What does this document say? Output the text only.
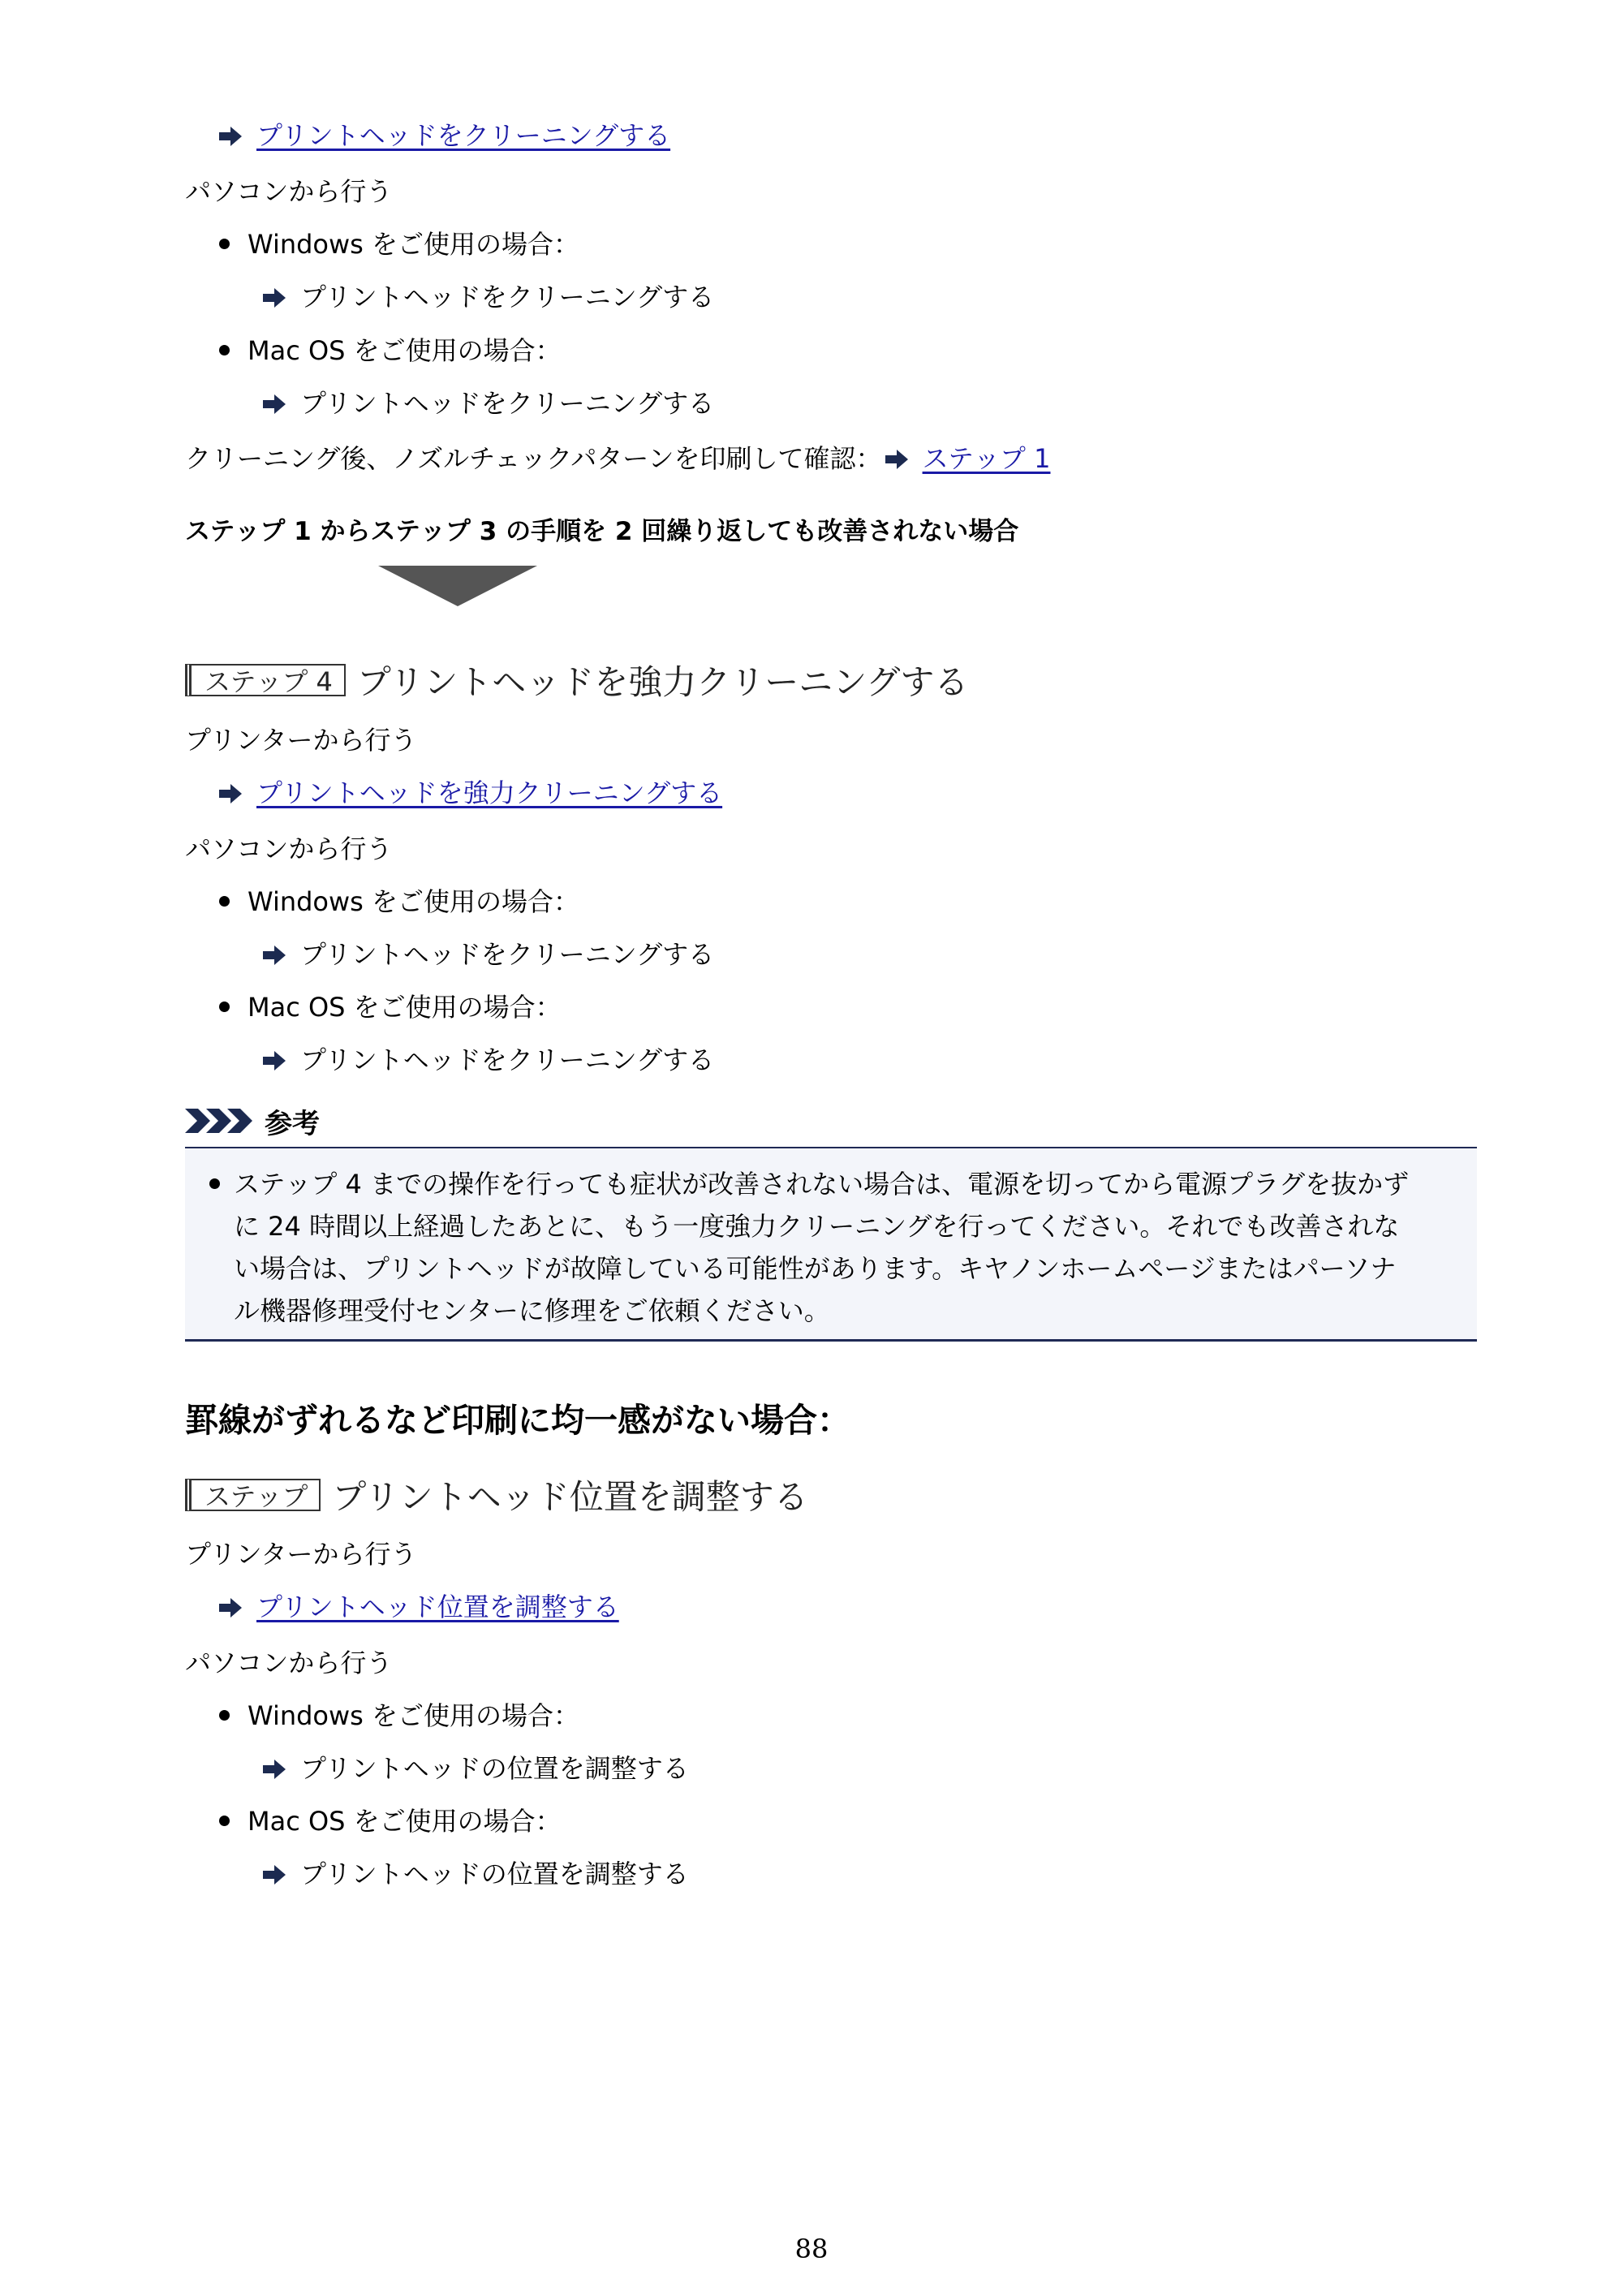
プリントヘッドをクリーニングする
パソコンから行う
Windows をご使用の場合：
プリントヘッドをクリーニングする
Mac OS をご使用の場合：
プリントヘッドをクリーニングする
クリーニング後、ノズルチェックパターンを印刷して確認： ステップ 1
ステップ 1 からステップ 3 の手順を 2 回繰り返しても改善されない場合
ステップ 4 プリントヘッドを強力クリーニングする
プリンターから行う
プリントヘッドを強力クリーニングする
パソコンから行う
Windows をご使用の場合：
プリントヘッドをクリーニングする
Mac OS をご使用の場合：
プリントヘッドをクリーニングする
参考
ステップ 4 までの操作を行っても症状が改善されない場合は、電源を切ってから電源プラグを抜かず
に 24 時間以上経過したあとに、もう一度強力クリーニングを行ってください。それでも改善されな
い場合は、プリントヘッドが故障している可能性があります。キヤノンホームページまたはパーソナ
ル機器修理受付センターに修理をご依頼ください。
罫線がずれるなど印刷に均一感がない場合：
ステップ プリントヘッド位置を調整する
プリンターから行う
プリントヘッド位置を調整する
パソコンから行う
Windows をご使用の場合：
プリントヘッドの位置を調整する
Mac OS をご使用の場合：
プリントヘッドの位置を調整する
88
